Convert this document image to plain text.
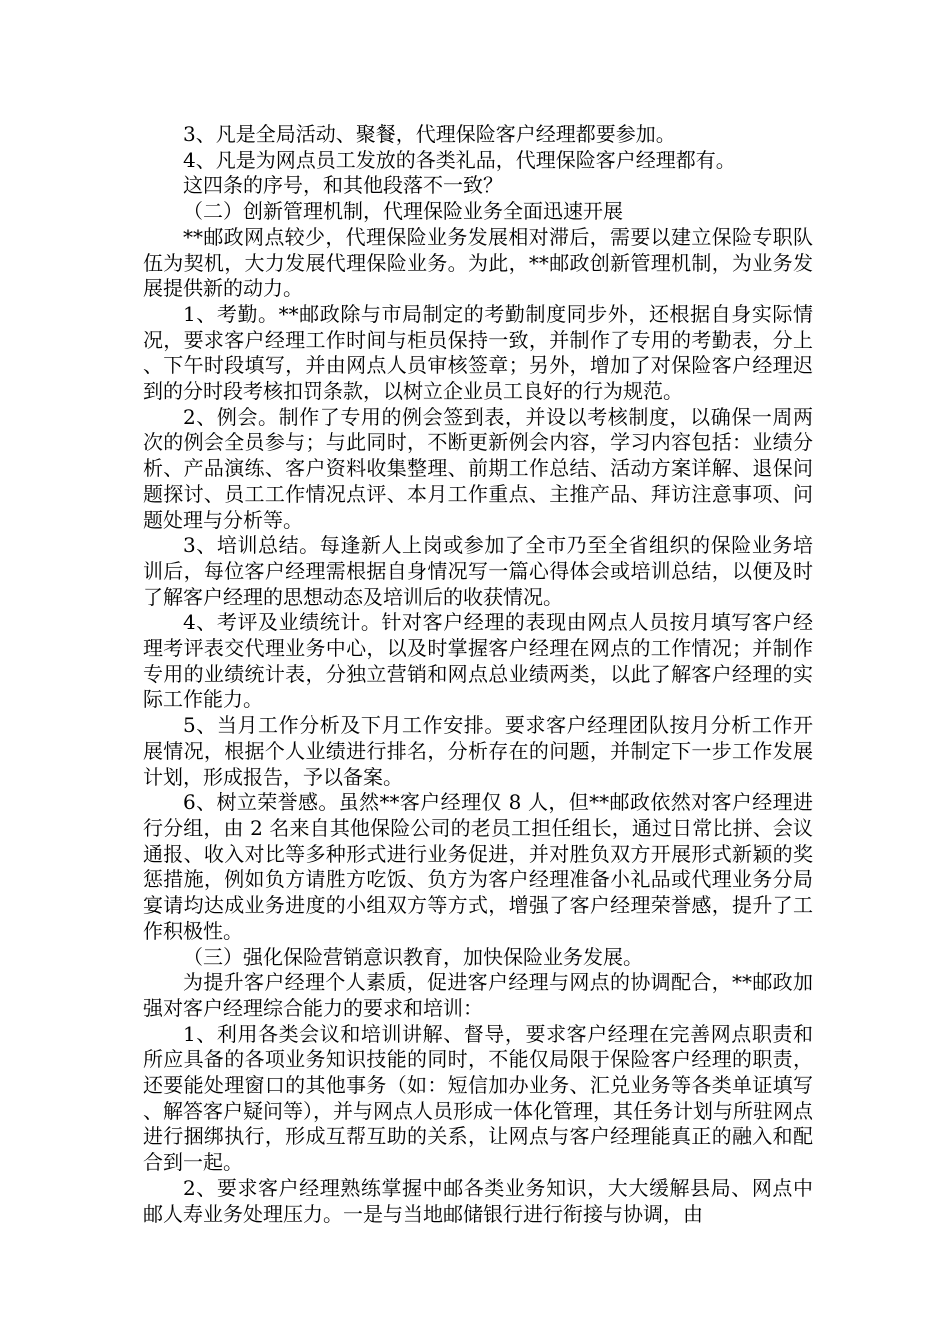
3、凡是全局活动、聚餐，代理保险客户经理都要参加。

4、凡是为网点员工发放的各类礼品，代理保险客户经理都有。

这四条的序号，和其他段落不一致？

（二）创新管理机制，代理保险业务全面迅速开展

**邮政网点较少，代理保险业务发展相对滞后，需要以建立保险专职队伍为契机，大力发展代理保险业务。为此，**邮政创新管理机制，为业务发展提供新的动力。

1、考勤。**邮政除与市局制定的考勤制度同步外，还根据自身实际情况，要求客户经理工作时间与柜员保持一致，并制作了专用的考勤表，分上、下午时段填写，并由网点人员审核签章；另外，增加了对保险客户经理迟到的分时段考核扣罚条款，以树立企业员工良好的行为规范。

2、例会。制作了专用的例会签到表，并设以考核制度，以确保一周两次的例会全员参与；与此同时，不断更新例会内容，学习内容包括：业绩分析、产品演练、客户资料收集整理、前期工作总结、活动方案详解、退保问题探讨、员工工作情况点评、本月工作重点、主推产品、拜访注意事项、问题处理与分析等。

3、培训总结。每逢新人上岗或参加了全市乃至全省组织的保险业务培训后，每位客户经理需根据自身情况写一篇心得体会或培训总结，以便及时了解客户经理的思想动态及培训后的收获情况。

4、考评及业绩统计。针对客户经理的表现由网点人员按月填写客户经理考评表交代理业务中心，以及时掌握客户经理在网点的工作情况；并制作专用的业绩统计表，分独立营销和网点总业绩两类，以此了解客户经理的实际工作能力。

5、当月工作分析及下月工作安排。要求客户经理团队按月分析工作开展情况，根据个人业绩进行排名，分析存在的问题，并制定下一步工作发展计划，形成报告，予以备案。

6、树立荣誉感。虽然**客户经理仅 8 人，但**邮政依然对客户经理进行分组，由 2 名来自其他保险公司的老员工担任组长，通过日常比拼、会议通报、收入对比等多种形式进行业务促进，并对胜负双方开展形式新颖的奖惩措施，例如负方请胜方吃饭、负方为客户经理准备小礼品或代理业务分局宴请均达成业务进度的小组双方等方式，增强了客户经理荣誉感，提升了工作积极性。

（三）强化保险营销意识教育，加快保险业务发展。

为提升客户经理个人素质，促进客户经理与网点的协调配合，**邮政加强对客户经理综合能力的要求和培训：

1、利用各类会议和培训讲解、督导，要求客户经理在完善网点职责和所应具备的各项业务知识技能的同时，不能仅局限于保险客户经理的职责，还要能处理窗口的其他事务（如：短信加办业务、汇兑业务等各类单证填写、解答客户疑问等），并与网点人员形成一体化管理，其任务计划与所驻网点进行捆绑执行，形成互帮互助的关系，让网点与客户经理能真正的融入和配合到一起。

2、要求客户经理熟练掌握中邮各类业务知识，大大缓解县局、网点中邮人寿业务处理压力。一是与当地邮储银行进行衔接与协调，由
